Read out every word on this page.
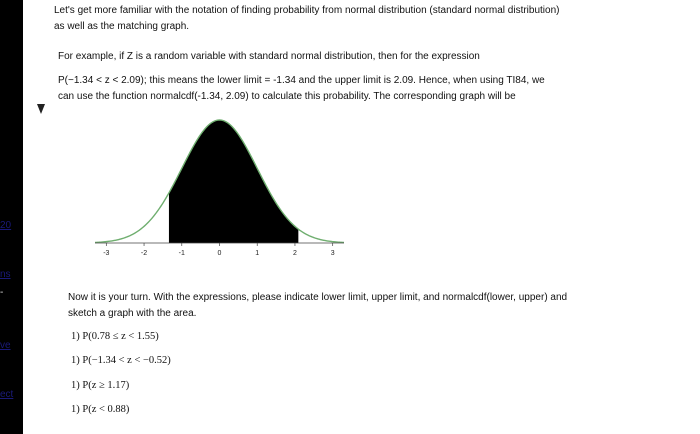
20
ns
-
ve
ect
Let's get more familiar with the notation of finding probability from normal distribution (standard normal distribution)
as well as the matching graph.
For example, if Z is a random variable with standard normal distribution, then for the expression
P(−1.34 < z < 2.09); this means the lower limit = -1.34 and the upper limit is 2.09. Hence, when using TI84, we
can use the function normalcdf(-1.34, 2.09) to calculate this probability. The corresponding graph will be
-3	-2	-1	0	1	2	3
Now it is your turn. With the expressions, please indicate lower limit, upper limit, and normalcdf(lower, upper) and
sketch a graph with the area.
1) P(0.78 ≤ z < 1.55)
1) P(−1.34 < z < −0.52)
1) P(z ≥ 1.17)
1) P(z < 0.88)
